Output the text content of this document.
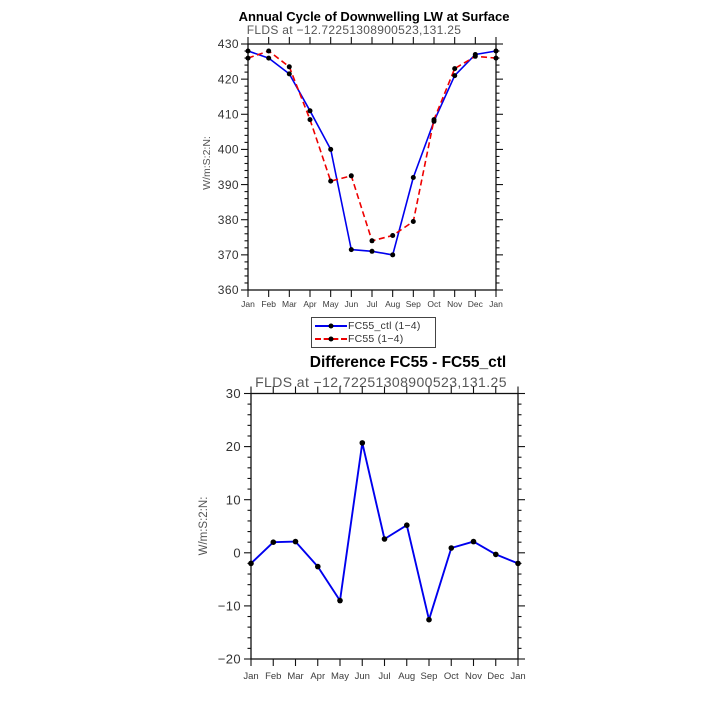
Annual Cycle of Downwelling LW at Surface
FLDS at −12.72251308900523,131.25
W/m:S:2:N:
Difference FC55 - FC55_ctl
FLDS at −12.72251308900523,131.25
W/m:S:2:N:
360
370
380
390
400
410
420
430
Jan Feb Mar Apr May Jun Jul Aug Sep Oct Nov Dec Jan
−20
−10
0
10
20
30
Jan Feb Mar Apr May Jun Jul Aug Sep Oct Nov Dec Jan
FC55_ctl (1−4)
FC55 (1−4)
